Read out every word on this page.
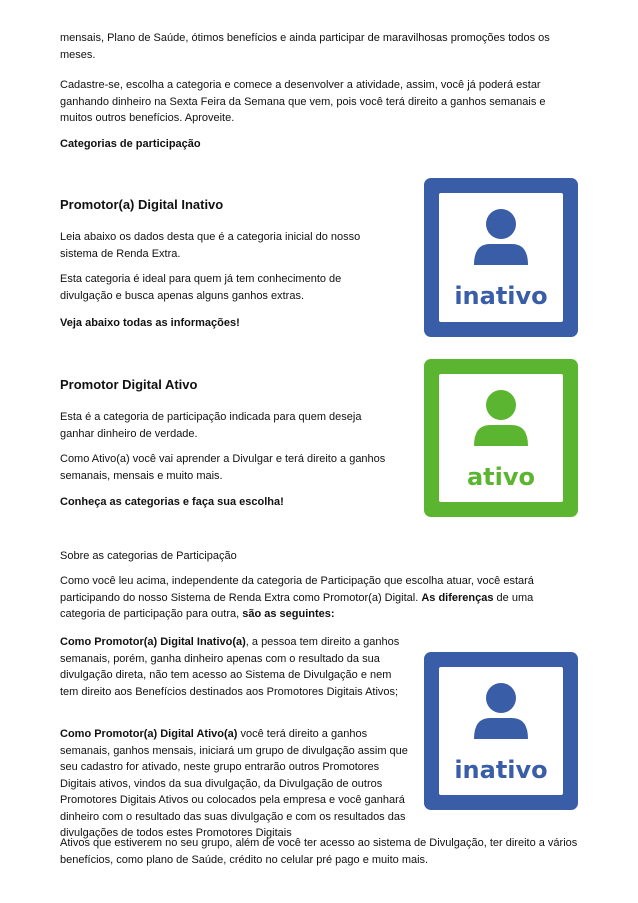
mensais, Plano de Saúde, ótimos benefícios e ainda participar de maravilhosas promoções todos os meses.

Cadastre-se, escolha a categoria e comece a desenvolver a atividade, assim, você já poderá estar ganhando dinheiro na Sexta Feira da Semana que vem, pois você terá direito a ganhos semanais e muitos outros benefícios. Aproveite.

Categorias de participação

Promotor(a) Digital Inativo

Leia abaixo os dados desta que é a categoria inicial do nosso sistema de Renda Extra.

Esta categoria é ideal para quem já tem conhecimento de divulgação e busca apenas alguns ganhos extras.

Veja abaixo todas as informações!

inativo
Promotor Digital Ativo

Esta é a categoria de participação indicada para quem deseja ganhar dinheiro de verdade.

Como Ativo(a) você vai aprender a Divulgar e terá direito a ganhos semanais, mensais e muito mais.

Conheça as categorias e faça sua escolha!

ativo

Sobre as categorias de Participação

Como você leu acima, independente da categoria de Participação que escolha atuar, você estará participando do nosso Sistema de Renda Extra como Promotor(a) Digital. As diferenças de uma categoria de participação para outra, são as seguintes:

Como Promotor(a) Digital Inativo(a), a pessoa tem direito a ganhos semanais, porém, ganha dinheiro apenas com o resultado da sua divulgação direta, não tem acesso ao Sistema de Divulgação e nem tem direito aos Benefícios destinados aos Promotores Digitais Ativos;

Como Promotor(a) Digital Ativo(a) você terá direito a ganhos semanais, ganhos mensais, iniciará um grupo de divulgação assim que seu cadastro for ativado, neste grupo entrarão outros Promotores Digitais ativos, vindos da sua divulgação, da Divulgação de outros Promotores Digitais Ativos ou colocados pela empresa e você ganhará dinheiro com o resultado das suas divulgação e com os resultados das divulgações de todos estes Promotores Digitais

Ativos que estiverem no seu grupo, além de você ter acesso ao sistema de Divulgação, ter direito a vários benefícios, como plano de Saúde, crédito no celular pré pago e muito mais.

inativo
